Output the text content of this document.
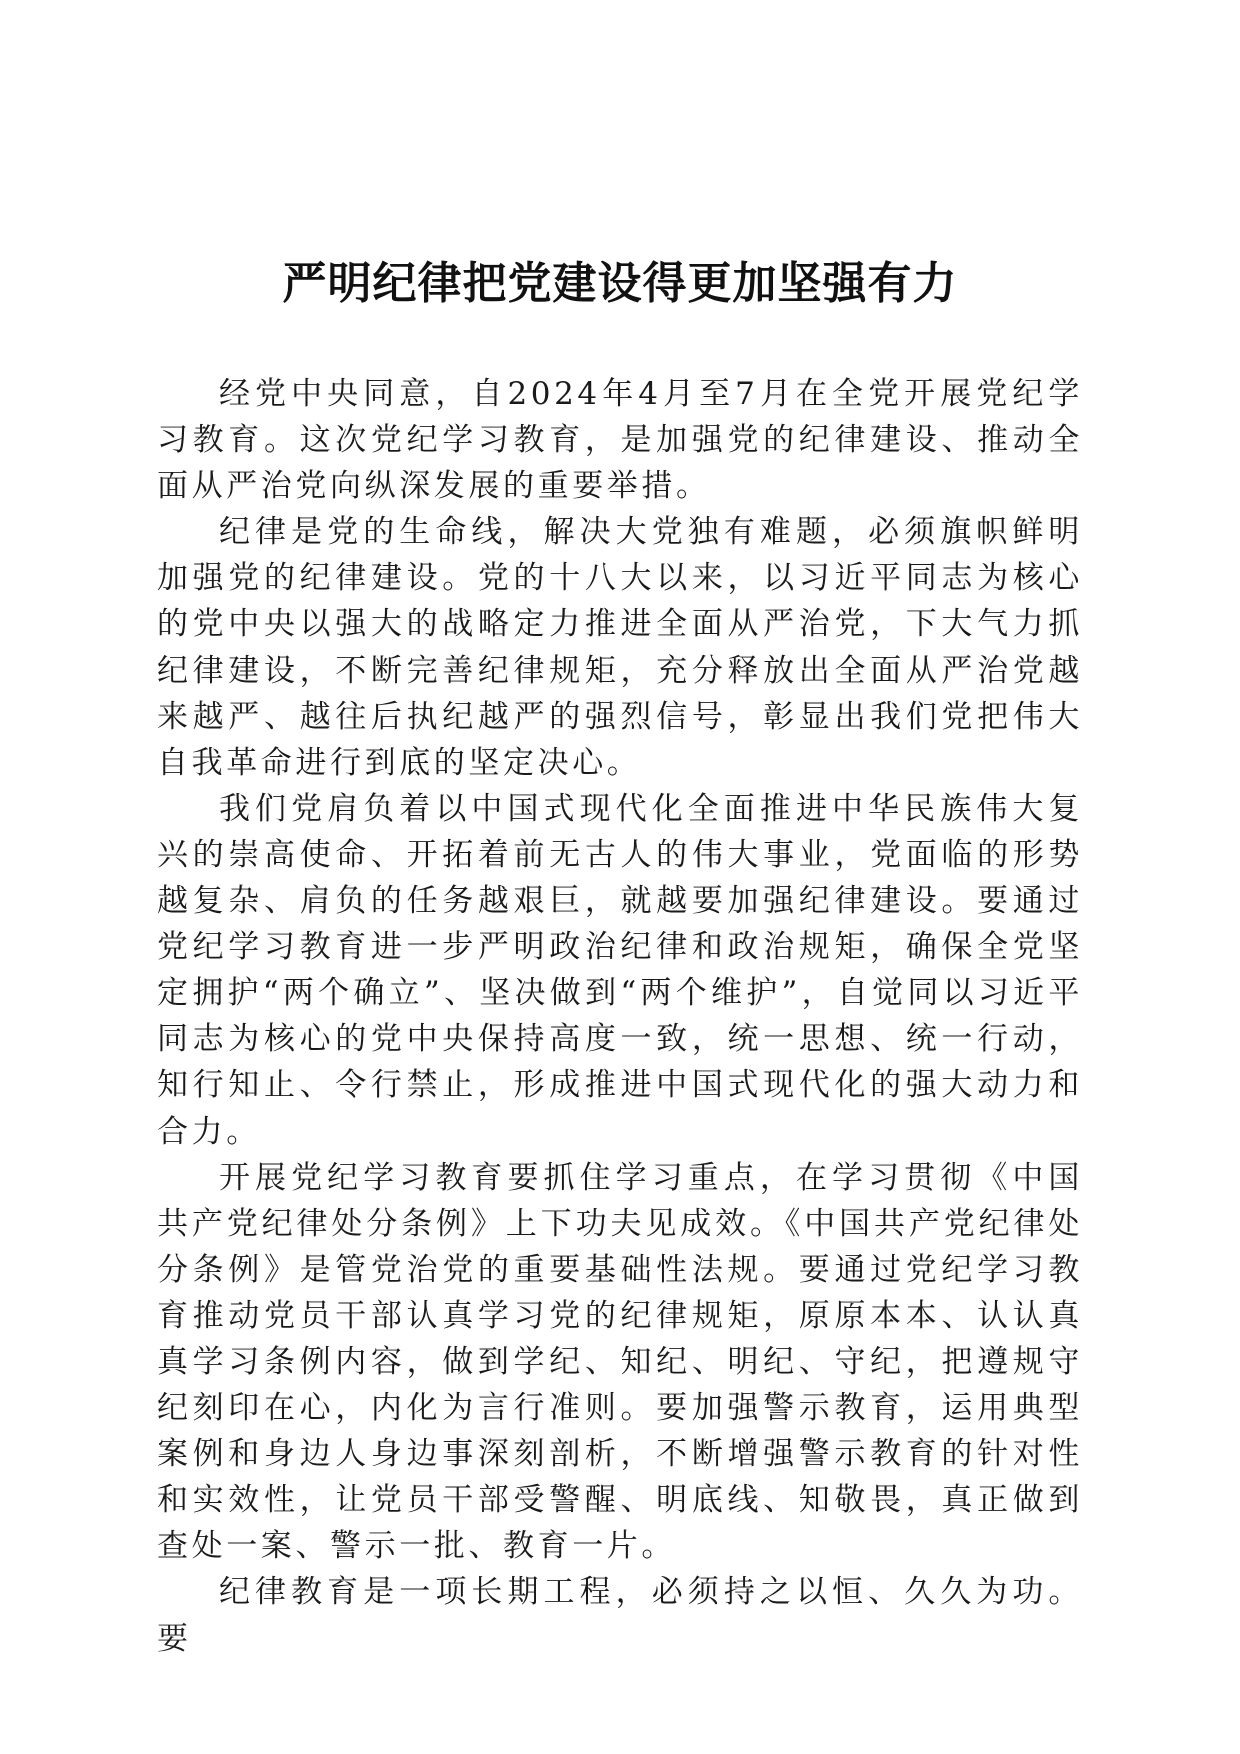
严明纪律把党建设得更加坚强有力

经党中央同意，自2024年4月至7月在全党开展党纪学习教育。这次党纪学习教育，是加强党的纪律建设、推动全面从严治党向纵深发展的重要举措。

纪律是党的生命线，解决大党独有难题，必须旗帜鲜明加强党的纪律建设。党的十八大以来，以习近平同志为核心的党中央以强大的战略定力推进全面从严治党，下大气力抓纪律建设，不断完善纪律规矩，充分释放出全面从严治党越来越严、越往后执纪越严的强烈信号，彰显出我们党把伟大自我革命进行到底的坚定决心。

我们党肩负着以中国式现代化全面推进中华民族伟大复兴的崇高使命、开拓着前无古人的伟大事业，党面临的形势越复杂、肩负的任务越艰巨，就越要加强纪律建设。要通过党纪学习教育进一步严明政治纪律和政治规矩，确保全党坚定拥护“两个确立”、坚决做到“两个维护”，自觉同以习近平同志为核心的党中央保持高度一致，统一思想、统一行动，知行知止、令行禁止，形成推进中国式现代化的强大动力和合力。

开展党纪学习教育要抓住学习重点，在学习贯彻《中国共产党纪律处分条例》上下功夫见成效。《中国共产党纪律处分条例》是管党治党的重要基础性法规。要通过党纪学习教育推动党员干部认真学习党的纪律规矩，原原本本、认认真真学习条例内容，做到学纪、知纪、明纪、守纪，把遵规守纪刻印在心，内化为言行准则。要加强警示教育，运用典型案例和身边人身边事深刻剖析，不断增强警示教育的针对性和实效性，让党员干部受警醒、明底线、知敬畏，真正做到查处一案、警示一批、教育一片。

纪律教育是一项长期工程，必须持之以恒、久久为功。要
